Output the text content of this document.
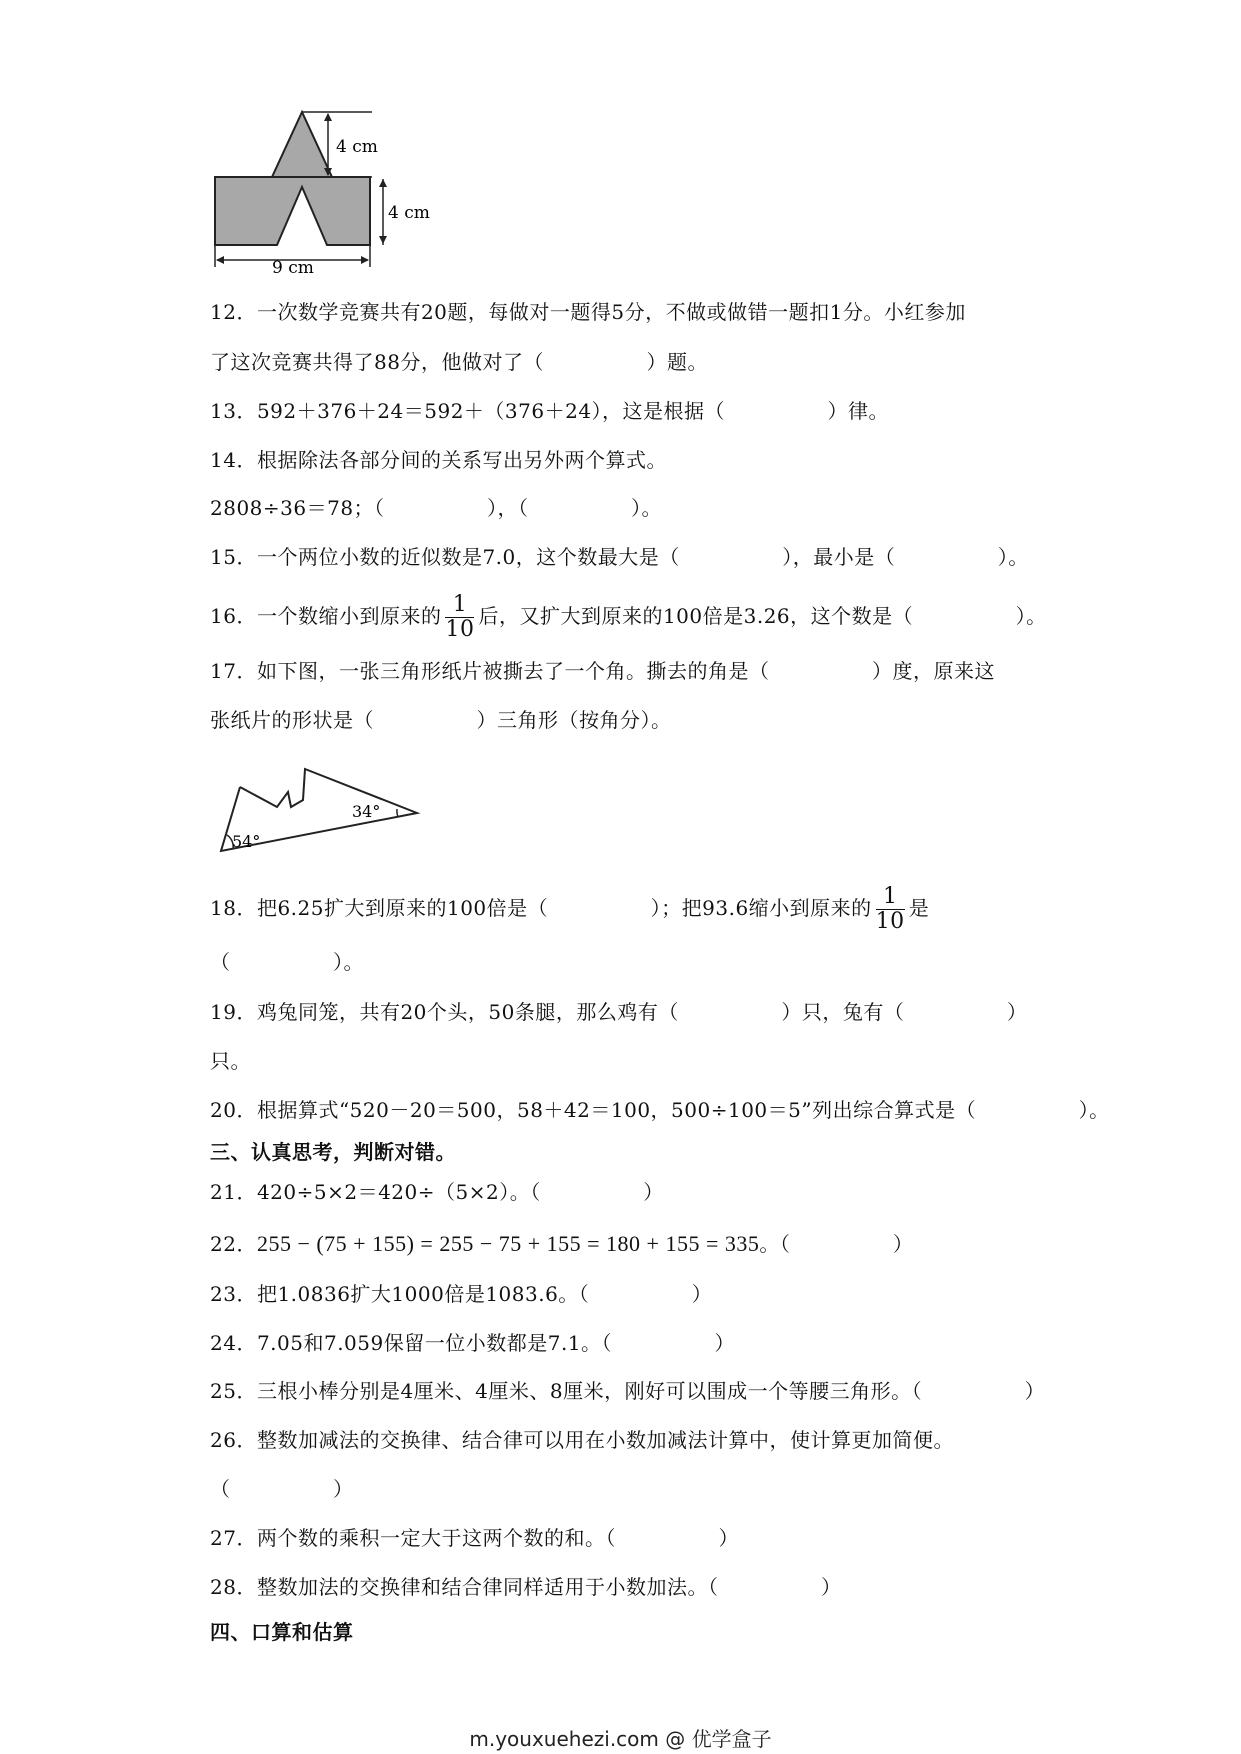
4 cm
4 cm
9 cm
12．一次数学竞赛共有20题，每做对一题得5分，不做或做错一题扣1分。小红参加
了这次竞赛共得了88分，他做对了（　　　　　）题。
13．592＋376＋24＝592＋（376＋24），这是根据（　　　　　）律。
14．根据除法各部分间的关系写出另外两个算式。
2808÷36＝78；（　　　　　），（　　　　　）。
15．一个两位小数的近似数是7.0，这个数最大是（　　　　　），最小是（　　　　　）。
16．一个数缩小到原来的 $\frac{1}{10}$ 后，又扩大到原来的100倍是3.26，这个数是（　　　　　）。
17．如下图，一张三角形纸片被撕去了一个角。撕去的角是（　　　　　）度，原来这
张纸片的形状是（　　　　　）三角形（按角分）。
54°
34°
18．把6.25扩大到原来的100倍是（　　　　　）；把93.6缩小到原来的 $\frac{1}{10}$ 是
（　　　　　）。
19．鸡兔同笼，共有20个头，50条腿，那么鸡有（　　　　　）只，兔有（　　　　　）
只。
20．根据算式“520－20＝500，58＋42＝100，500÷100＝5”列出综合算式是（　　　　　）。
三、认真思考，判断对错。
21．420÷5×2＝420÷（5×2）。（　　　　　）
22．255 − (75 + 155) = 255 − 75 + 155 = 180 + 155 = 335。（　　　　　）
23．把1.0836扩大1000倍是1083.6。（　　　　　）
24．7.05和7.059保留一位小数都是7.1。（　　　　　）
25．三根小棒分别是4厘米、4厘米、8厘米，刚好可以围成一个等腰三角形。（　　　　　）
26．整数加减法的交换律、结合律可以用在小数加减法计算中，使计算更加简便。
（　　　　　）
27．两个数的乘积一定大于这两个数的和。（　　　　　）
28．整数加法的交换律和结合律同样适用于小数加法。（　　　　　）
四、口算和估算
m.youxuehezi.com @ 优学盒子
